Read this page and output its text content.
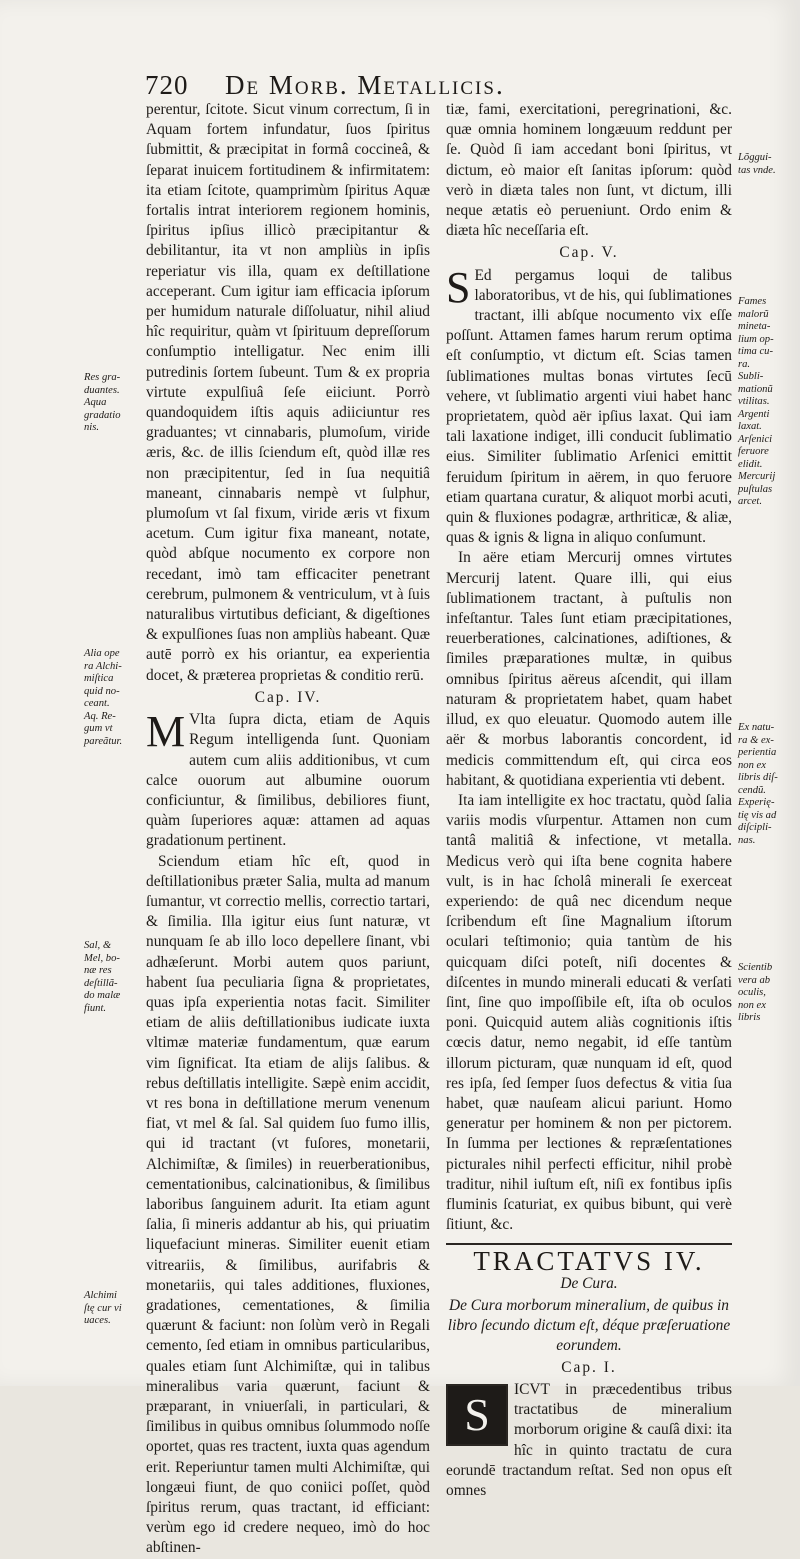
720	De Morb. Metallicis.
Res gra-
duantes.
Aqua
gradatio
nis.
Alia ope
ra Alchi-
miſtica
quid no-
ceant.
Aq. Re-
gum vt
pareãtur.
Sal, &
Mel, bo-
næ res
deſtillã-
do malæ
fiunt.
Alchimi
ſtę cur vi
uaces.
Lõggui-
tas vnde.
Fames
malorũ
mineta-
lium op-
tima cu-
ra.
Subli-
mationũ
vtilitas.
Argenti
laxat.
Arſenici
feruore
elidit.
Mercurij
puſtulas
arcet.
Ex natu-
ra & ex-
perientia
non ex
libris diſ-
cendũ.
Experię-
tię vis ad
diſcipli-
nas.
Scientib
vera ab
oculis,
non ex
libris

perentur, ſcitote. Sicut vinum correctum, ſi in Aquam fortem infundatur, ſuos ſpiritus ſubmittit, & præcipitat in formâ coccineâ, & ſeparat inuicem fortitudinem & infirmitatem: ita etiam ſcitote, quamprimùm ſpiritus Aquæ fortalis intrat interiorem regionem hominis, ſpiritus ipſius illicò præcipitantur & debilitantur, ita vt non ampliùs in ipſis reperiatur vis illa, quam ex deſtillatione acceperant. Cum igitur iam efficacia ipſorum per humidum naturale diſſoluatur, nihil aliud hîc requiritur, quàm vt ſpirituum depreſſorum conſumptio intelligatur. Nec enim illi putredinis ſortem ſubeunt. Tum & ex propria virtute expulſiuâ ſeſe eiiciunt. Porrò quandoquidem iſtis aquis adiiciuntur res graduantes; vt cinnabaris, plumoſum, viride æris, &c. de illis ſciendum eſt, quòd illæ res non præcipitentur, ſed in ſua nequitiâ maneant, cinnabaris nempè vt ſulphur, plumoſum vt ſal fixum, viride æris vt fixum acetum. Cum igitur fixa maneant, notate, quòd abſque nocumento ex corpore non recedant, imò tam efficaciter penetrant cerebrum, pulmonem & ventriculum, vt à ſuis naturalibus virtutibus deficiant, & digeſtiones & expulſiones ſuas non ampliùs habeant. Quæ autē porrò ex his oriantur, ea experientia docet, & præterea proprietas & conditio rerū.

Cap. IV.

M Vlta ſupra dicta, etiam de Aquis Regum intelligenda ſunt. Quoniam autem cum aliis additionibus, vt cum calce ouorum aut albumine ouorum conficiuntur, & ſimilibus, debiliores fiunt, quàm ſuperiores aquæ: attamen ad aquas gradationum pertinent.

Sciendum etiam hîc eſt, quod in deſtillationibus præter Salia, multa ad manum ſumantur, vt correctio mellis, correctio tartari, & ſimilia. Illa igitur eius ſunt naturæ, vt nunquam ſe ab illo loco depellere ſinant, vbi adhæſerunt. Morbi autem quos pariunt, habent ſua peculiaria ſigna & proprietates, quas ipſa experientia notas facit. Similiter etiam de aliis deſtillationibus iudicate iuxta vltimæ materiæ fundamentum, quæ earum vim ſignificat. Ita etiam de alijs ſalibus. & rebus deſtillatis intelligite. Sæpè enim accidit, vt res bona in deſtillatione merum venenum fiat, vt mel & ſal. Sal quidem ſuo fumo illis, qui id tractant (vt fuſores, monetarii, Alchimiſtæ, & ſimiles) in reuerberationibus, cementationibus, calcinationibus, & ſimilibus laboribus ſanguinem adurit. Ita etiam agunt ſalia, ſi mineris addantur ab his, qui priuatim liquefaciunt mineras. Similiter euenit etiam vitreariis, & ſimilibus, aurifabris & monetariis, qui tales additiones, fluxiones, gradationes, cementationes, & ſimilia quærunt & faciunt: non ſolùm verò in Regali cemento, ſed etiam in omnibus particularibus, quales etiam ſunt Alchimiſtæ, qui in talibus mineralibus varia quærunt, faciunt & præparant, in vniuerſali, in particulari, & ſimilibus in quibus omnibus ſolummodo noſſe oportet, quas res tractent, iuxta quas agendum erit. Reperiuntur tamen multi Alchimiſtæ, qui longæui fiunt, de quo coniici poſſet, quòd ſpiritus rerum, quas tractant, id efficiant: verùm ego id credere nequeo, imò do hoc abſtinen-

tiæ, fami, exercitationi, peregrinationi, &c. quæ omnia hominem longæuum reddunt per ſe. Quòd ſi iam accedant boni ſpiritus, vt dictum, eò maior eſt ſanitas ipſorum: quòd verò in diæta tales non ſunt, vt dictum, illi neque ætatis eò perueniunt. Ordo enim & diæta hîc neceſſaria eſt.

Cap. V.

S Ed pergamus loqui de talibus laboratoribus, vt de his, qui ſublimationes tractant, illi abſque nocumento vix eſſe poſſunt. Attamen fames harum rerum optima eſt conſumptio, vt dictum eſt. Scias tamen ſublimationes multas bonas virtutes ſecū vehere, vt ſublimatio argenti viui habet hanc proprietatem, quòd aër ipſius laxat. Qui iam tali laxatione indiget, illi conducit ſublimatio eius. Similiter ſublimatio Arſenici emittit feruidum ſpiritum in aërem, in quo feruore etiam quartana curatur, & aliquot morbi acuti, quin & fluxiones podagræ, arthriticæ, & aliæ, quas & ignis & ligna in aliquo conſumunt.

In aëre etiam Mercurij omnes virtutes Mercurij latent. Quare illi, qui eius ſublimationem tractant, à puſtulis non infeſtantur. Tales ſunt etiam præcipitationes, reuerberationes, calcinationes, adiſtiones, & ſimiles præparationes multæ, in quibus omnibus ſpiritus aëreus aſcendit, qui illam naturam & proprietatem habet, quam habet illud, ex quo eleuatur. Quomodo autem ille aër & morbus laborantis concordent, id medicis committendum eſt, qui circa eos habitant, & quotidiana experientia vti debent.

Ita iam intelligite ex hoc tractatu, quòd ſalia variis modis vſurpentur. Attamen non cum tantâ malitiâ & infectione, vt metalla. Medicus verò qui iſta bene cognita habere vult, is in hac ſcholâ minerali ſe exerceat experiendo: de quâ nec dicendum neque ſcribendum eſt ſine Magnalium iſtorum oculari teſtimonio; quia tantùm de his quicquam diſci poteſt, niſi docentes & diſcentes in mundo minerali educati & verſati ſint, ſine quo impoſſibile eſt, iſta ob oculos poni. Quicquid autem aliàs cognitionis iſtis cœcis datur, nemo negabit, id eſſe tantùm illorum picturam, quæ nunquam id eſt, quod res ipſa, ſed ſemper ſuos defectus & vitia ſua habet, quæ nauſeam alicui pariunt. Homo generatur per hominem & non per pictorem. In ſumma per lectiones & repræſentationes picturales nihil perfecti efficitur, nihil probè traditur, nihil iuſtum eſt, niſi ex fontibus ipſis fluminis ſcaturiat, ex quibus bibunt, qui verè ſitiunt, &c.

TRACTATVS IV.
De Cura.
De Cura morborum mineralium, de quibus in libro ſecundo dictum eſt, déque præſeruatione eorundem.
Cap. I.

S	ICVT in præcedentibus tribus tractatibus de mineralium morborum origine & cauſâ dixi: ita hîc in quinto tractatu de cura eorundē tractandum reſtat. Sed non opus eſt omnes
